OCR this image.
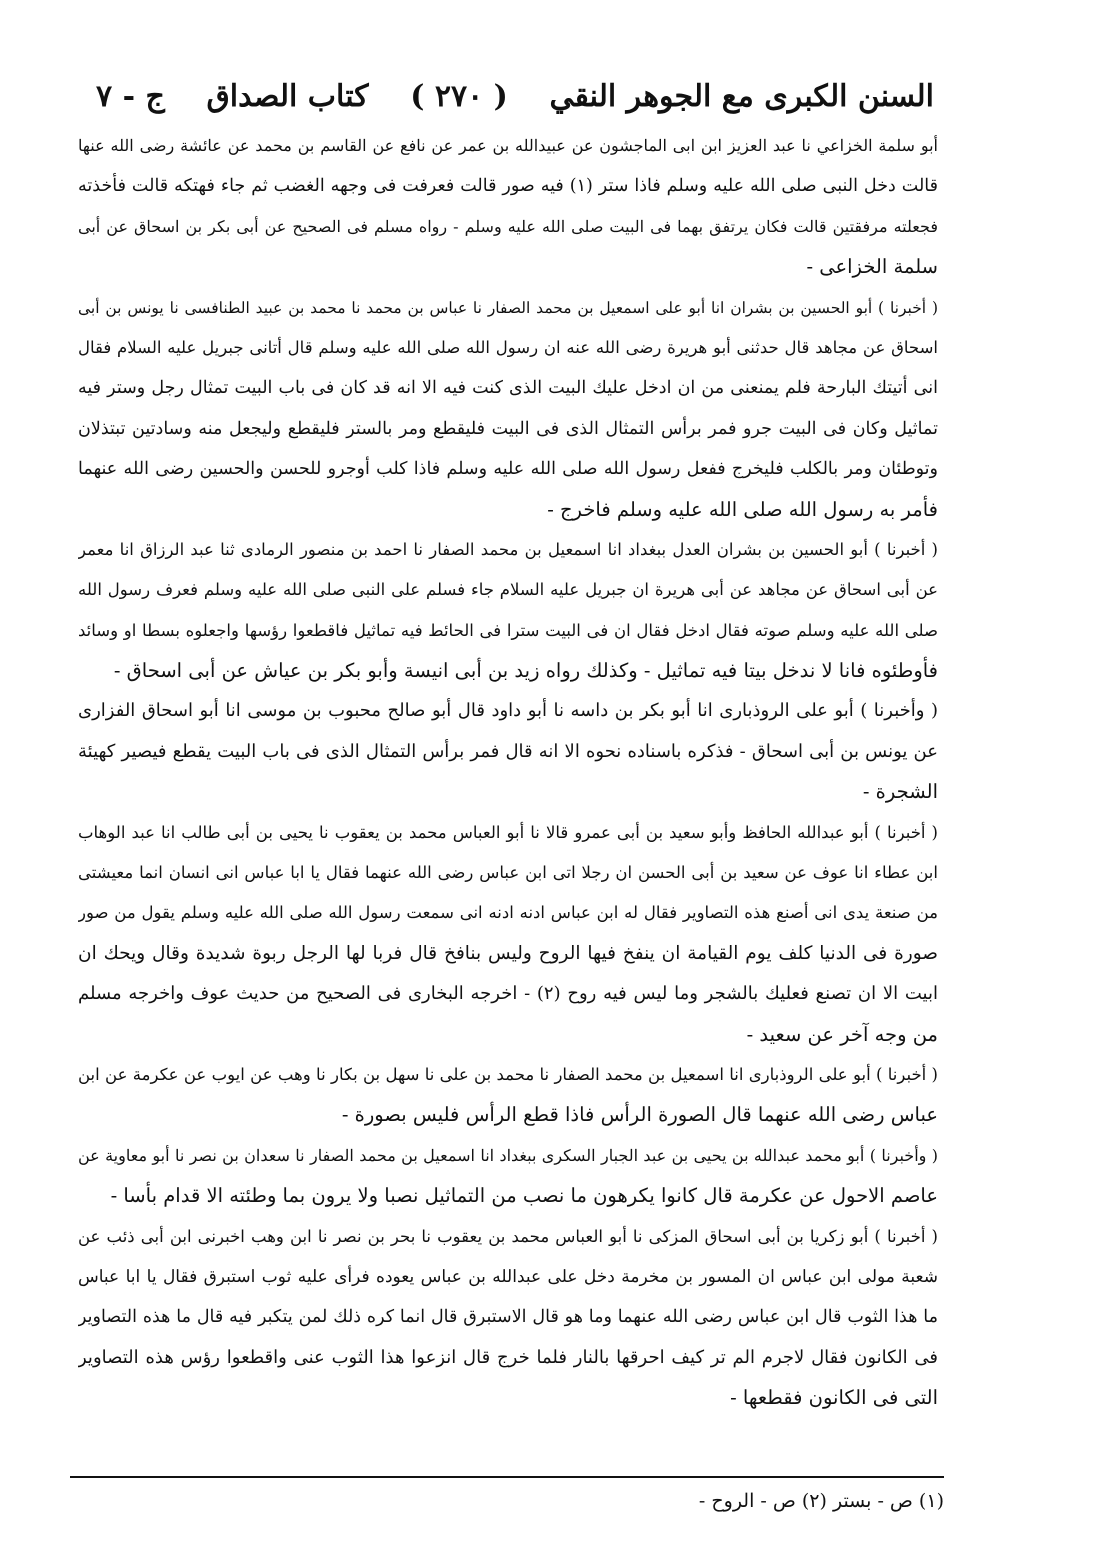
السنن الكبرى مع الجوهر النقي
( ٢٧٠ )
كتاب الصداق
ج - ٧
أبو سلمة الخزاعي نا عبد العزيز ابن ابى الماجشون عن عبيدالله بن عمر عن نافع عن القاسم بن محمد عن عائشة رضى الله عنها
قالت دخل النبى صلى الله عليه وسلم فاذا ستر (١) فيه صور قالت فعرفت فى وجهه الغضب ثم جاء فهتكه قالت فأخذته
فجعلته مرفقتين قالت فكان يرتفق بهما فى البيت صلى الله عليه وسلم - رواه مسلم فى الصحيح عن أبى بكر بن اسحاق عن أبى
سلمة الخزاعى -
( أخبرنا ) أبو الحسين بن بشران انا أبو على اسمعيل بن محمد الصفار نا عباس بن محمد نا محمد بن عبيد الطنافسى نا يونس بن أبى
اسحاق عن مجاهد قال حدثنى أبو هريرة رضى الله عنه ان رسول الله صلى الله عليه وسلم قال أتانى جبريل عليه السلام فقال
انى أتيتك البارحة فلم يمنعنى من ان ادخل عليك البيت الذى كنت فيه الا انه قد كان فى باب البيت تمثال رجل وستر فيه
تماثيل وكان فى البيت جرو فمر برأس التمثال الذى فى البيت فليقطع ومر بالستر فليقطع وليجعل منه وسادتين تبتذلان
وتوطئان ومر بالكلب فليخرج ففعل رسول الله صلى الله عليه وسلم فاذا كلب أوجرو للحسن والحسين رضى الله عنهما
فأمر به رسول الله صلى الله عليه وسلم فاخرج -
( أخبرنا ) أبو الحسين بن بشران العدل ببغداد انا اسمعيل بن محمد الصفار نا احمد بن منصور الرمادى ثنا عبد الرزاق انا معمر
عن أبى اسحاق عن مجاهد عن أبى هريرة ان جبريل عليه السلام جاء فسلم على النبى صلى الله عليه وسلم فعرف رسول الله
صلى الله عليه وسلم صوته فقال ادخل فقال ان فى البيت سترا فى الحائط فيه تماثيل فاقطعوا رؤسها واجعلوه بسطا او وسائد
فأوطئوه فانا لا ندخل بيتا فيه تماثيل - وكذلك رواه زيد بن أبى انيسة وأبو بكر بن عياش عن أبى اسحاق -
( وأخبرنا ) أبو على الروذبارى انا أبو بكر بن داسه نا أبو داود قال أبو صالح محبوب بن موسى انا أبو اسحاق الفزارى
عن يونس بن أبى اسحاق - فذكره باسناده نحوه الا انه قال فمر برأس التمثال الذى فى باب البيت يقطع فيصير كهيئة
الشجرة -
( أخبرنا ) أبو عبدالله الحافظ وأبو سعيد بن أبى عمرو قالا نا أبو العباس محمد بن يعقوب نا يحيى بن أبى طالب انا عبد الوهاب
ابن عطاء انا عوف عن سعيد بن أبى الحسن ان رجلا اتى ابن عباس رضى الله عنهما فقال يا ابا عباس انى انسان انما معيشتى
من صنعة يدى انى أصنع هذه التصاوير فقال له ابن عباس ادنه ادنه انى سمعت رسول الله صلى الله عليه وسلم يقول من صور
صورة فى الدنيا كلف يوم القيامة ان ينفخ فيها الروح وليس بنافخ قال فربا لها الرجل ربوة شديدة وقال ويحك ان
ابيت الا ان تصنع فعليك بالشجر وما ليس فيه روح (٢) - اخرجه البخارى فى الصحيح من حديث عوف واخرجه مسلم
من وجه آخر عن سعيد -
( أخبرنا ) أبو على الروذبارى انا اسمعيل بن محمد الصفار نا محمد بن على نا سهل بن بكار نا وهب عن ايوب عن عكرمة عن ابن
عباس رضى الله عنهما قال الصورة الرأس فاذا قطع الرأس فليس بصورة -
( وأخبرنا ) أبو محمد عبدالله بن يحيى بن عبد الجبار السكرى ببغداد انا اسمعيل بن محمد الصفار نا سعدان بن نصر نا أبو معاوية عن
عاصم الاحول عن عكرمة قال كانوا يكرهون ما نصب من التماثيل نصبا ولا يرون بما وطئته الا قدام بأسا -
( أخبرنا ) أبو زكريا بن أبى اسحاق المزكى نا أبو العباس محمد بن يعقوب نا بحر بن نصر نا ابن وهب اخبرنى ابن أبى ذئب عن
شعبة مولى ابن عباس ان المسور بن مخرمة دخل على عبدالله بن عباس يعوده فرأى عليه ثوب استبرق فقال يا ابا عباس
ما هذا الثوب قال ابن عباس رضى الله عنهما وما هو قال الاستبرق قال انما كره ذلك لمن يتكبر فيه قال ما هذه التصاوير
فى الكانون فقال لاجرم الم تر كيف احرقها بالنار فلما خرج قال انزعوا هذا الثوب عنى واقطعوا رؤس هذه التصاوير
التى فى الكانون فقطعها -
(١) ص - بستر (٢) ص - الروح -
